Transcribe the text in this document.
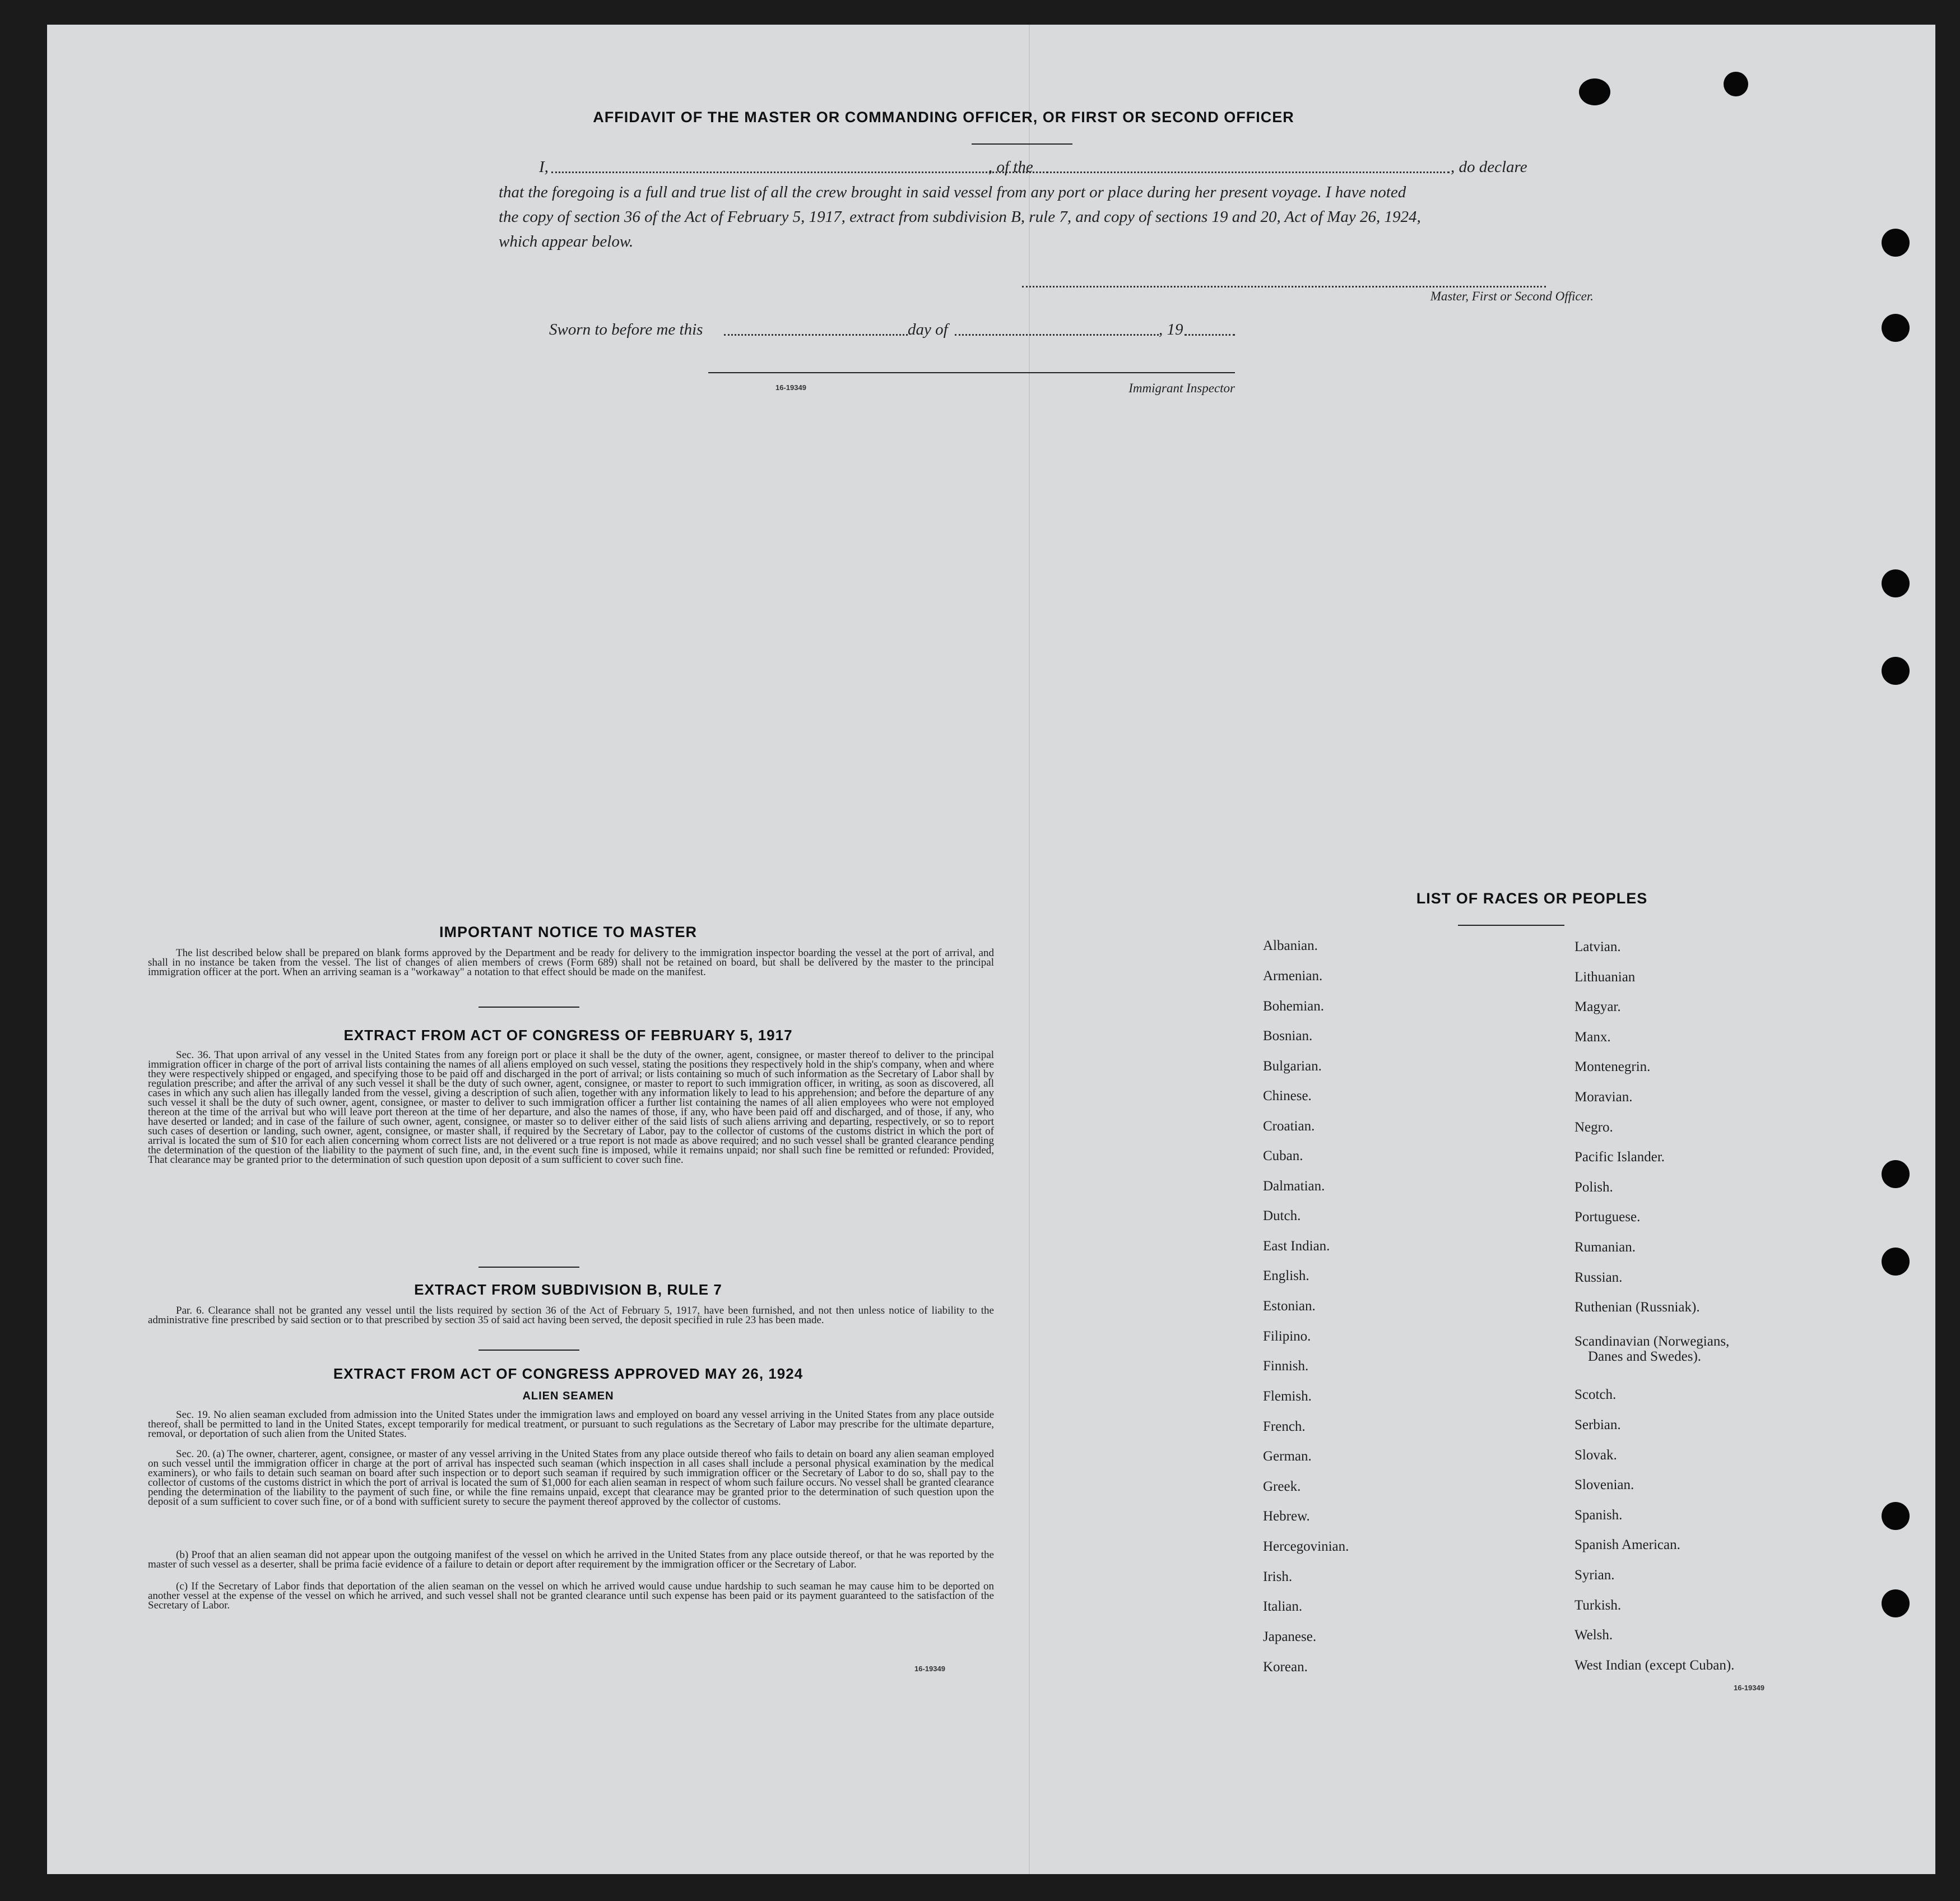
AFFIDAVIT OF THE MASTER OR COMMANDING OFFICER, OR FIRST OR SECOND OFFICER
I,	, of the	, do declare
that the foregoing is a full and true list of all the crew brought in said vessel from any port or place during her present voyage. I have noted
the copy of section 36 of the Act of February 5, 1917, extract from subdivision B, rule 7, and copy of sections 19 and 20, Act of May 26, 1924,
which appear below.
Master, First or Second Officer.
Sworn to before me this	day of	, 19
16-19349	Immigrant Inspector
IMPORTANT NOTICE TO MASTER
The list described below shall be prepared on blank forms approved by the Department and be ready for delivery to the immigration inspector boarding the vessel at the port of arrival, and shall in no instance be taken from the vessel. The list of changes of alien members of crews (Form 689) shall not be retained on board, but shall be delivered by the master to the principal immigration officer at the port. When an arriving seaman is a "workaway" a notation to that effect should be made on the manifest.
EXTRACT FROM ACT OF CONGRESS OF FEBRUARY 5, 1917
Sec. 36. That upon arrival of any vessel in the United States from any foreign port or place it shall be the duty of the owner, agent, consignee, or master thereof to deliver to the principal immigration officer in charge of the port of arrival lists containing the names of all aliens employed on such vessel, stating the positions they respectively hold in the ship's company, when and where they were respectively shipped or engaged, and specifying those to be paid off and discharged in the port of arrival; or lists containing so much of such information as the Secretary of Labor shall by regulation prescribe; and after the arrival of any such vessel it shall be the duty of such owner, agent, consignee, or master to report to such immigration officer, in writing, as soon as discovered, all cases in which any such alien has illegally landed from the vessel, giving a description of such alien, together with any information likely to lead to his apprehension; and before the departure of any such vessel it shall be the duty of such owner, agent, consignee, or master to deliver to such immigration officer a further list containing the names of all alien employees who were not employed thereon at the time of the arrival but who will leave port thereon at the time of her departure, and also the names of those, if any, who have been paid off and discharged, and of those, if any, who have deserted or landed; and in case of the failure of such owner, agent, consignee, or master so to deliver either of the said lists of such aliens arriving and departing, respectively, or so to report such cases of desertion or landing, such owner, agent, consignee, or master shall, if required by the Secretary of Labor, pay to the collector of customs of the customs district in which the port of arrival is located the sum of $10 for each alien concerning whom correct lists are not delivered or a true report is not made as above required; and no such vessel shall be granted clearance pending the determination of the question of the liability to the payment of such fine, and, in the event such fine is imposed, while it remains unpaid; nor shall such fine be remitted or refunded: Provided, That clearance may be granted prior to the determination of such question upon deposit of a sum sufficient to cover such fine.
EXTRACT FROM SUBDIVISION B, RULE 7
Par. 6. Clearance shall not be granted any vessel until the lists required by section 36 of the Act of February 5, 1917, have been furnished, and not then unless notice of liability to the administrative fine prescribed by said section or to that prescribed by section 35 of said act having been served, the deposit specified in rule 23 has been made.
EXTRACT FROM ACT OF CONGRESS APPROVED MAY 26, 1924
ALIEN SEAMEN
Sec. 19. No alien seaman excluded from admission into the United States under the immigration laws and employed on board any vessel arriving in the United States from any place outside thereof, shall be permitted to land in the United States, except temporarily for medical treatment, or pursuant to such regulations as the Secretary of Labor may prescribe for the ultimate departure, removal, or deportation of such alien from the United States.
Sec. 20. (a) The owner, charterer, agent, consignee, or master of any vessel arriving in the United States from any place outside thereof who fails to detain on board any alien seaman employed on such vessel until the immigration officer in charge at the port of arrival has inspected such seaman (which inspection in all cases shall include a personal physical examination by the medical examiners), or who fails to detain such seaman on board after such inspection or to deport such seaman if required by such immigration officer or the Secretary of Labor to do so, shall pay to the collector of customs of the customs district in which the port of arrival is located the sum of $1,000 for each alien seaman in respect of whom such failure occurs. No vessel shall be granted clearance pending the determination of the liability to the payment of such fine, or while the fine remains unpaid, except that clearance may be granted prior to the determination of such question upon the deposit of a sum sufficient to cover such fine, or of a bond with sufficient surety to secure the payment thereof approved by the collector of customs.
(b) Proof that an alien seaman did not appear upon the outgoing manifest of the vessel on which he arrived in the United States from any place outside thereof, or that he was reported by the master of such vessel as a deserter, shall be prima facie evidence of a failure to detain or deport after requirement by the immigration officer or the Secretary of Labor.
(c) If the Secretary of Labor finds that deportation of the alien seaman on the vessel on which he arrived would cause undue hardship to such seaman he may cause him to be deported on another vessel at the expense of the vessel on which he arrived, and such vessel shall not be granted clearance until such expense has been paid or its payment guaranteed to the satisfaction of the Secretary of Labor.
16-19349
LIST OF RACES OR PEOPLES
Albanian.
Armenian.
Bohemian.
Bosnian.
Bulgarian.
Chinese.
Croatian.
Cuban.
Dalmatian.
Dutch.
East Indian.
English.
Estonian.
Filipino.
Finnish.
Flemish.
French.
German.
Greek.
Hebrew.
Hercegovinian.
Irish.
Italian.
Japanese.
Korean.
Latvian.
Lithuanian
Magyar.
Manx.
Montenegrin.
Moravian.
Negro.
Pacific Islander.
Polish.
Portuguese.
Rumanian.
Russian.
Ruthenian (Russniak).
Scandinavian (Norwegians,
Danes and Swedes).
Scotch.
Serbian.
Slovak.
Slovenian.
Spanish.
Spanish American.
Syrian.
Turkish.
Welsh.
West Indian (except Cuban).
16-19349
